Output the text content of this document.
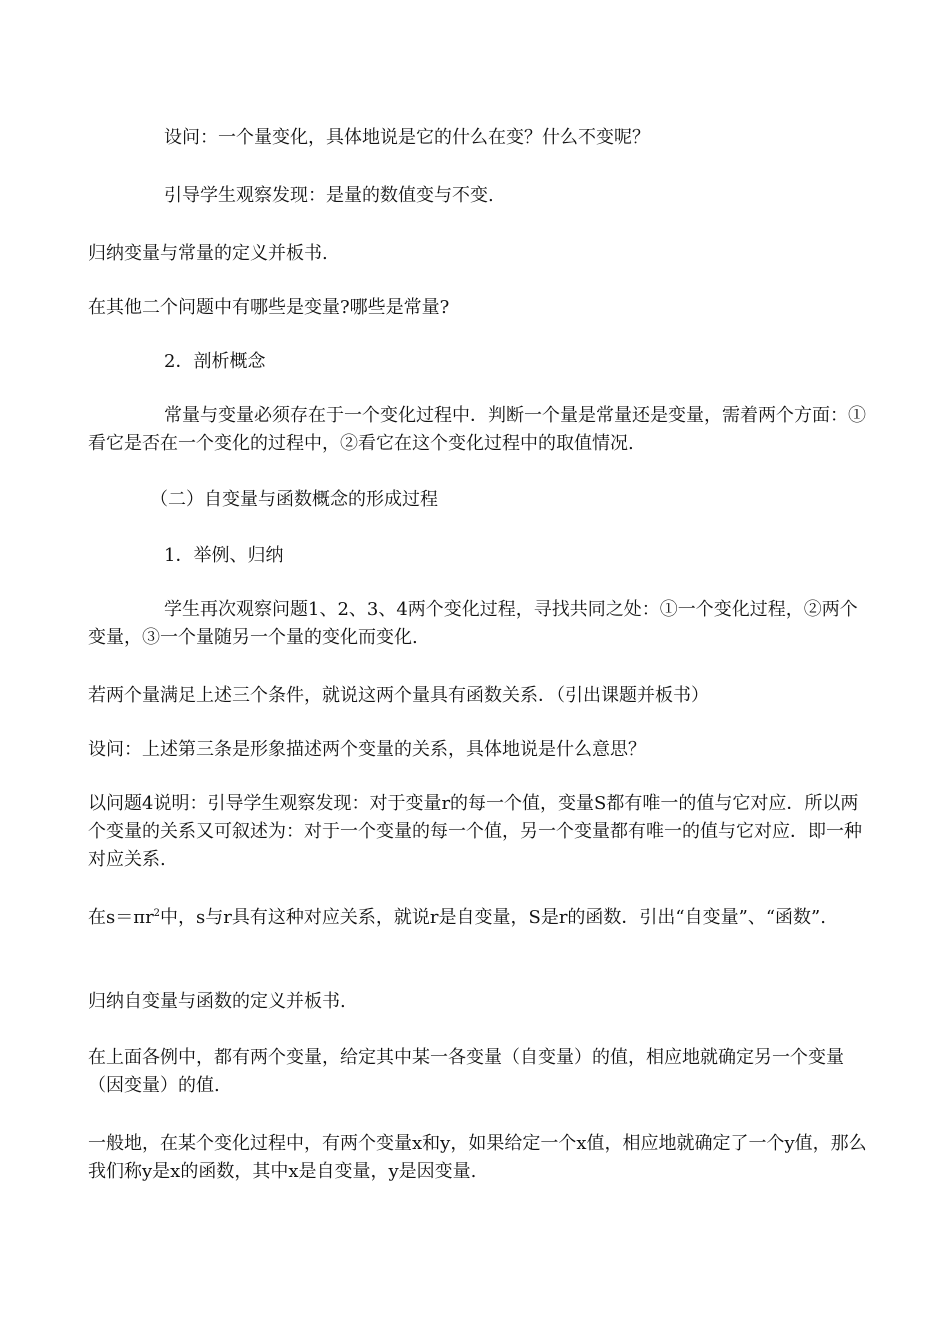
设问：一个量变化，具体地说是它的什么在变？什么不变呢？

引导学生观察发现：是量的数值变与不变.

归纳变量与常量的定义并板书.

在其他二个问题中有哪些是变量?哪些是常量?

2．剖析概念

常量与变量必须存在于一个变化过程中．判断一个量是常量还是变量，需着两个方面：①看它是否在一个变化的过程中，②看它在这个变化过程中的取值情况.

（二）自变量与函数概念的形成过程

1．举例、归纳

学生再次观察问题1、2、3、4两个变化过程，寻找共同之处：①一个变化过程，②两个变量，③一个量随另一个量的变化而变化.

若两个量满足上述三个条件，就说这两个量具有函数关系．（引出课题并板书）

设问：上述第三条是形象描述两个变量的关系，具体地说是什么意思？

以问题4说明：引导学生观察发现：对于变量r的每一个值，变量S都有唯一的值与它对应．所以两个变量的关系又可叙述为：对于一个变量的每一个值，另一个变量都有唯一的值与它对应．即一种对应关系.

在$s=\pi r^2$中，s与r具有这种对应关系，就说r是自变量，S是r的函数．引出“自变量”、“函数”.

归纳自变量与函数的定义并板书.

在上面各例中，都有两个变量，给定其中某一各变量（自变量）的值，相应地就确定另一个变量（因变量）的值.

一般地，在某个变化过程中，有两个变量x和y，如果给定一个x值，相应地就确定了一个y值，那么我们称y是x的函数，其中x是自变量，y是因变量.
